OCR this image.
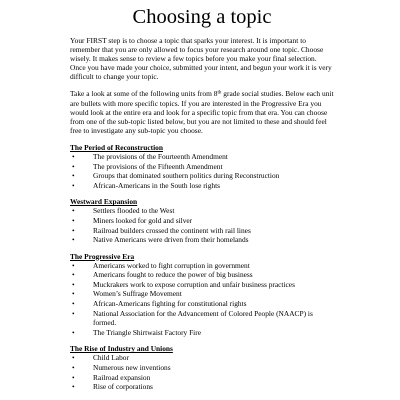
Choosing a topic

Your FIRST step is to choose a topic that sparks your interest. It is important to remember that you are only allowed to focus your research around one topic. Choose wisely. It makes sense to review a few topics before you make your final selection. Once you have made your choice, submitted your intent, and begun your work it is very difficult to change your topic.

Take a look at some of the following units from 8th grade social studies. Below each unit are bullets with more specific topics. If you are interested in the Progressive Era you would look at the entire era and look for a specific topic from that era. You can choose from one of the sub-topic listed below, but you are not limited to these and should feel free to investigate any sub-topic you choose.

The Period of Reconstruction
• The provisions of the Fourteenth Amendment
• The provisions of the Fifteenth Amendment
• Groups that dominated southern politics during Reconstruction
• African-Americans in the South lose rights
Westward Expansion
• Settlers flooded to the West
• Miners looked for gold and silver
• Railroad builders crossed the continent with rail lines
• Native Americans were driven from their homelands
The Progressive Era
• Americans worked to fight corruption in government
• Americans fought to reduce the power of big business
• Muckrakers work to expose corruption and unfair business practices
• Women’s Suffrage Movement
• African-Americans fighting for constitutional rights
• National Association for the Advancement of Colored People (NAACP) is formed.
• The Triangle Shirtwaist Factory Fire
The Rise of Industry and Unions
• Child Labor
• Numerous new inventions
• Railroad expansion
• Rise of corporations
